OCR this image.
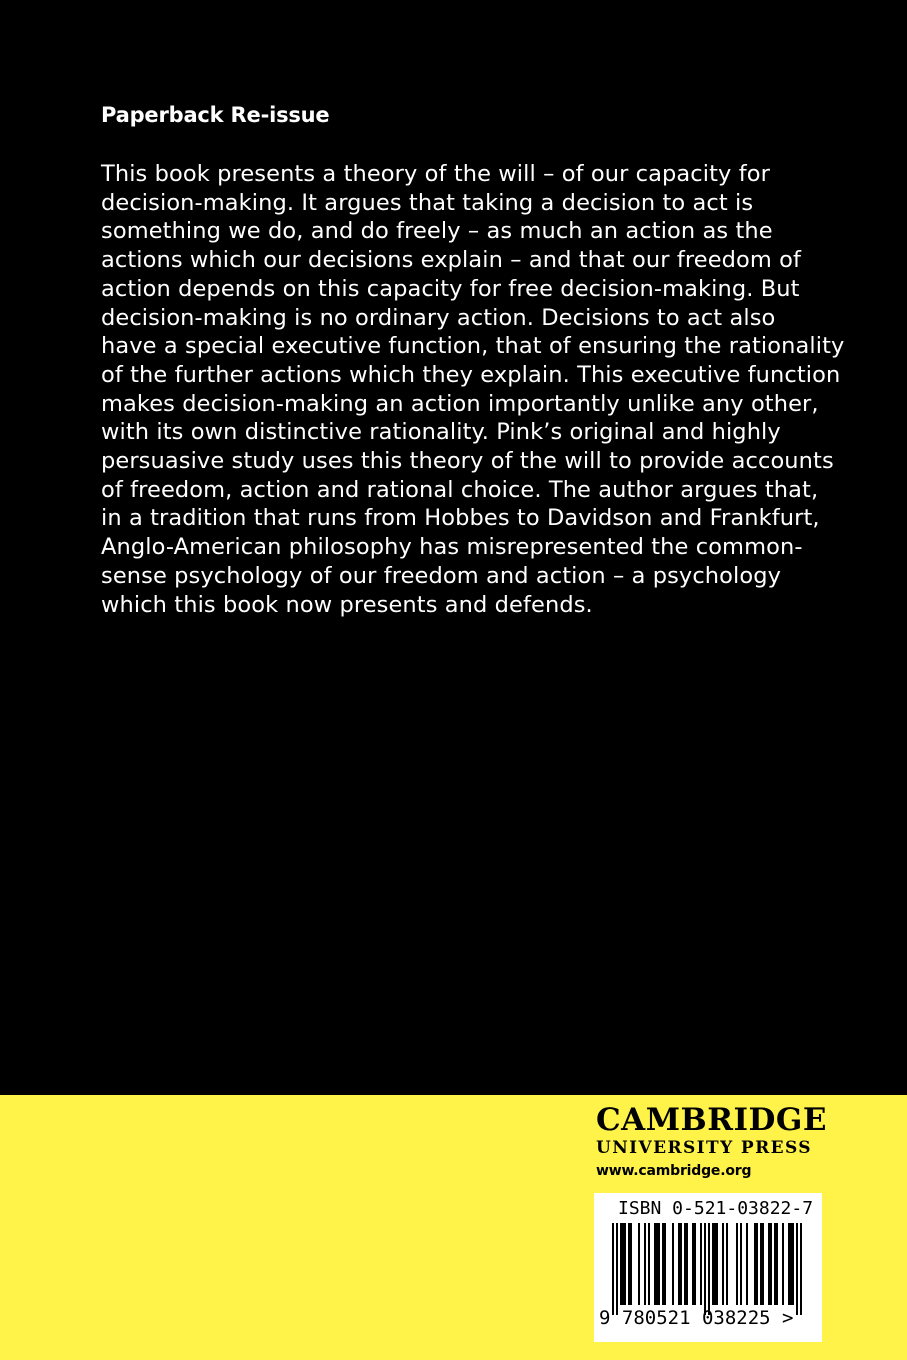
Paperback Re-issue
This book presents a theory of the will – of our capacity for
decision-making. It argues that taking a decision to act is
something we do, and do freely – as much an action as the
actions which our decisions explain – and that our freedom of
action depends on this capacity for free decision-making. But
decision-making is no ordinary action. Decisions to act also
have a special executive function, that of ensuring the rationality
of the further actions which they explain. This executive function
makes decision-making an action importantly unlike any other,
with its own distinctive rationality. Pink’s original and highly
persuasive study uses this theory of the will to provide accounts
of freedom, action and rational choice. The author argues that,
in a tradition that runs from Hobbes to Davidson and Frankfurt,
Anglo-American philosophy has misrepresented the common-
sense psychology of our freedom and action – a psychology
which this book now presents and defends.
CAMBRIDGE
UNIVERSITY PRESS
www.cambridge.org
ISBN 0-521-03822-7
9 780521 038225 >
